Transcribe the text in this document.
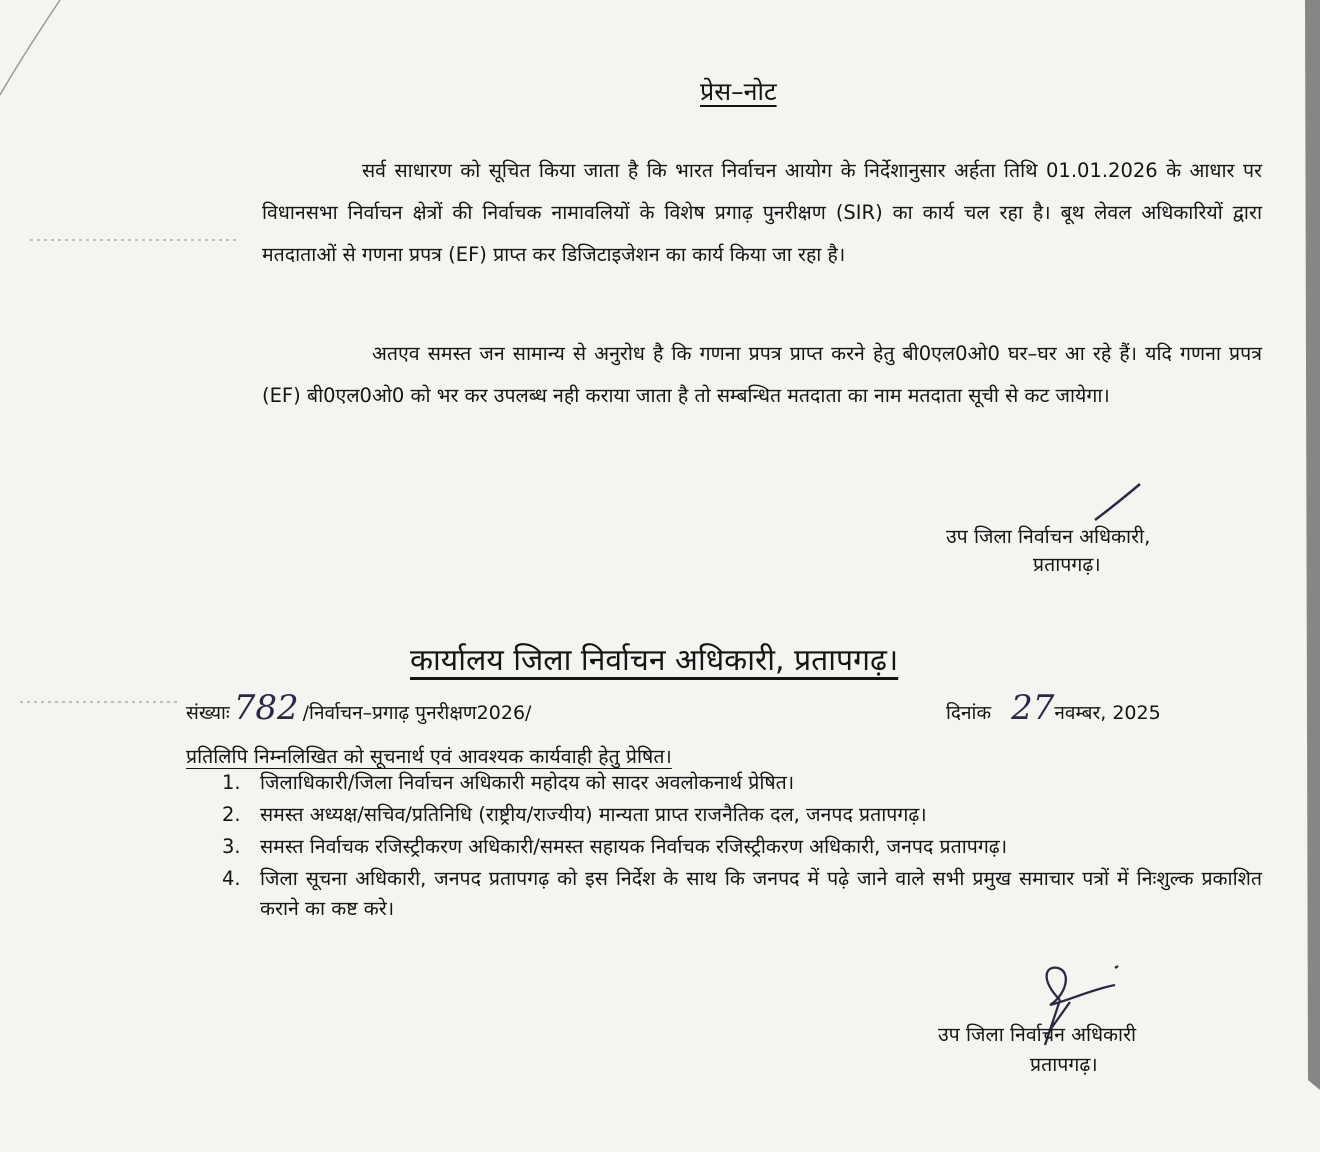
प्रेस–नोट
सर्व साधारण को सूचित किया जाता है कि भारत निर्वाचन आयोग के निर्देशानुसार अर्हता तिथि 01.01.2026 के आधार पर विधानसभा निर्वाचन क्षेत्रों की निर्वाचक नामावलियों के विशेष प्रगाढ़ पुनरीक्षण (SIR) का कार्य चल रहा है। बूथ लेवल अधिकारियों द्वारा मतदाताओं से गणना प्रपत्र (EF) प्राप्त कर डिजिटाइजेशन का कार्य किया जा रहा है।
अतएव समस्त जन सामान्य से अनुरोध है कि गणना प्रपत्र प्राप्त करने हेतु बी0एल0ओ0 घर–घर आ रहे हैं। यदि गणना प्रपत्र (EF) बी0एल0ओ0 को भर कर उपलब्ध नही कराया जाता है तो सम्बन्धित मतदाता का नाम मतदाता सूची से कट जायेगा।
उप जिला निर्वाचन अधिकारी,
प्रतापगढ़।
कार्यालय जिला निर्वाचन अधिकारी, प्रतापगढ़।
संख्याः 782 /निर्वाचन–प्रगाढ़ पुनरीक्षण2026/	दिनांक 27नवम्बर, 2025
प्रतिलिपि निम्नलिखित को सूचनार्थ एवं आवश्यक कार्यवाही हेतु प्रेषित।
1. जिलाधिकारी/जिला निर्वाचन अधिकारी महोदय को सादर अवलोकनार्थ प्रेषित।
2. समस्त अध्यक्ष/सचिव/प्रतिनिधि (राष्ट्रीय/राज्यीय) मान्यता प्राप्त राजनैतिक दल, जनपद प्रतापगढ़।
3. समस्त निर्वाचक रजिस्ट्रीकरण अधिकारी/समस्त सहायक निर्वाचक रजिस्ट्रीकरण अधिकारी, जनपद प्रतापगढ़।
4. जिला सूचना अधिकारी, जनपद प्रतापगढ़ को इस निर्देश के साथ कि जनपद में पढ़े जाने वाले सभी प्रमुख समाचार पत्रों में निःशुल्क प्रकाशित कराने का कष्ट करे।
उप जिला निर्वाचन अधिकारी
प्रतापगढ़।
